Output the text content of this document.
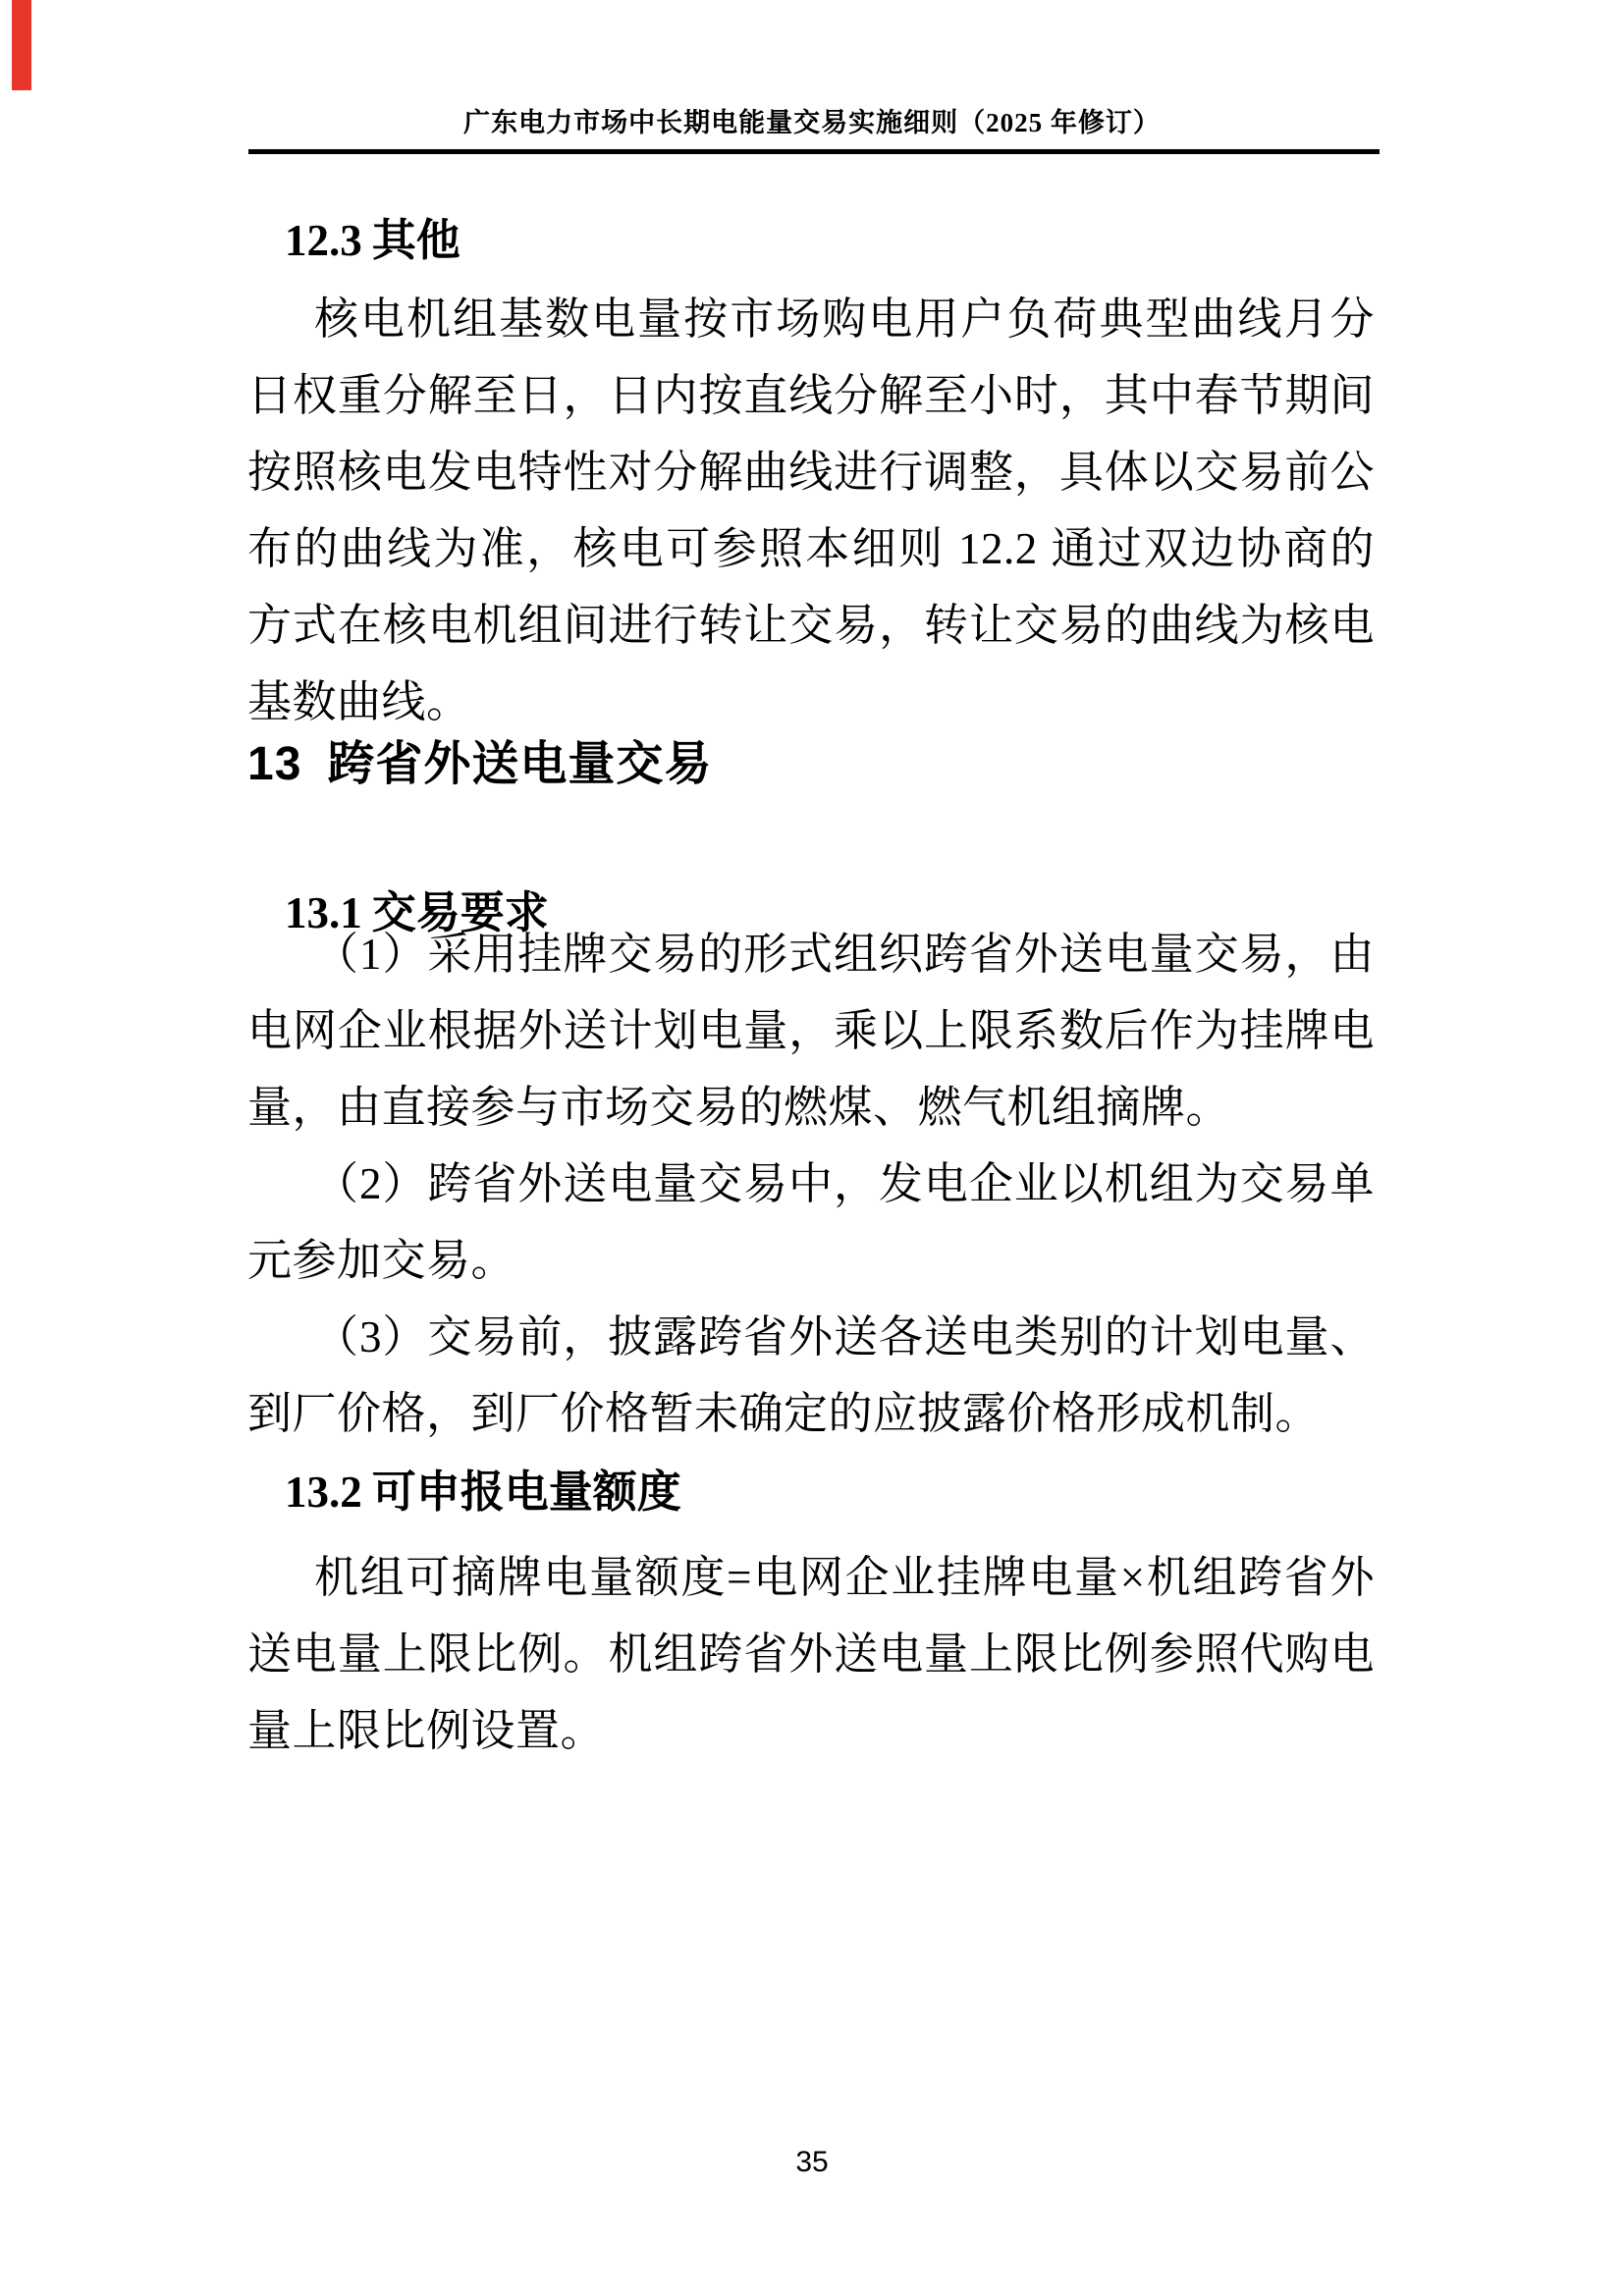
广东电力市场中长期电能量交易实施细则（2025 年修订）
12.3 其他

核电机组基数电量按市场购电用户负荷典型曲线月分日权重分解至日，日内按直线分解至小时，其中春节期间按照核电发电特性对分解曲线进行调整，具体以交易前公布的曲线为准，核电可参照本细则 12.2 通过双边协商的方式在核电机组间进行转让交易，转让交易的曲线为核电基数曲线。

13 跨省外送电量交易
13.1 交易要求

（1）采用挂牌交易的形式组织跨省外送电量交易，由电网企业根据外送计划电量，乘以上限系数后作为挂牌电量，由直接参与市场交易的燃煤、燃气机组摘牌。

（2）跨省外送电量交易中，发电企业以机组为交易单元参加交易。

（3）交易前，披露跨省外送各送电类别的计划电量、到厂价格，到厂价格暂未确定的应披露价格形成机制。

13.2 可申报电量额度

机组可摘牌电量额度=电网企业挂牌电量×机组跨省外送电量上限比例。机组跨省外送电量上限比例参照代购电量上限比例设置。

35
